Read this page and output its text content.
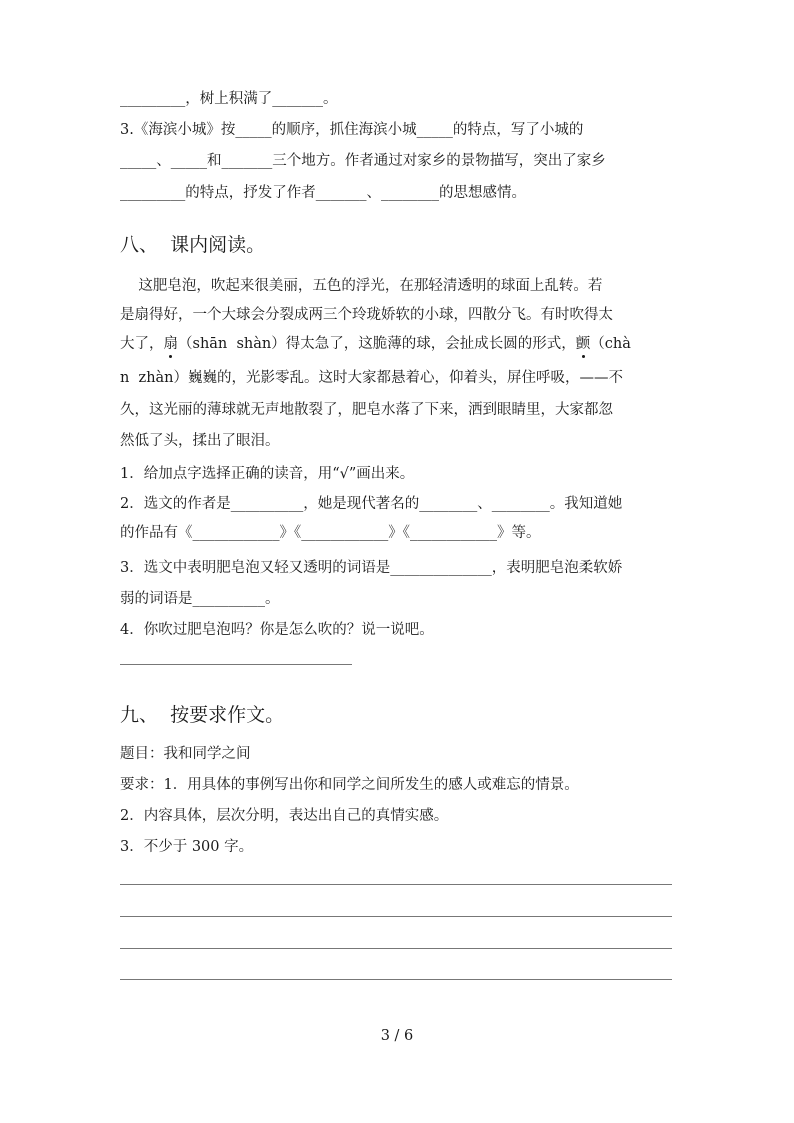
_________，树上积满了_______。
3.《海滨小城》按_____的顺序，抓住海滨小城_____的特点，写了小城的
_____、_____和_______三个地方。作者通过对家乡的景物描写，突出了家乡
_________的特点，抒发了作者_______、________的思想感情。
八、  课内阅读。
这肥皂泡，吹起来很美丽，五色的浮光，在那轻清透明的球面上乱转。若
是扇得好，一个大球会分裂成两三个玲珑娇软的小球，四散分飞。有时吹得太
大了，扇（shān  shàn）得太急了，这脆薄的球，会扯成长圆的形式，颤（chà
n  zhàn）巍巍的，光影零乱。这时大家都悬着心，仰着头，屏住呼吸，——不
久，这光丽的薄球就无声地散裂了，肥皂水落了下来，洒到眼睛里，大家都忽
然低了头，揉出了眼泪。
1．给加点字选择正确的读音，用“√”画出来。
2．选文的作者是__________，她是现代著名的________、________。我知道她
的作品有《____________》《____________》《____________》等。
3．选文中表明肥皂泡又轻又透明的词语是______________，表明肥皂泡柔软娇
弱的词语是__________。
4．你吹过肥皂泡吗？你是怎么吹的？说一说吧。
九、  按要求作文。
题目：我和同学之间
要求：1．用具体的事例写出你和同学之间所发生的感人或难忘的情景。
2．内容具体，层次分明，表达出自己的真情实感。
3．不少于 300 字。
3 / 6
